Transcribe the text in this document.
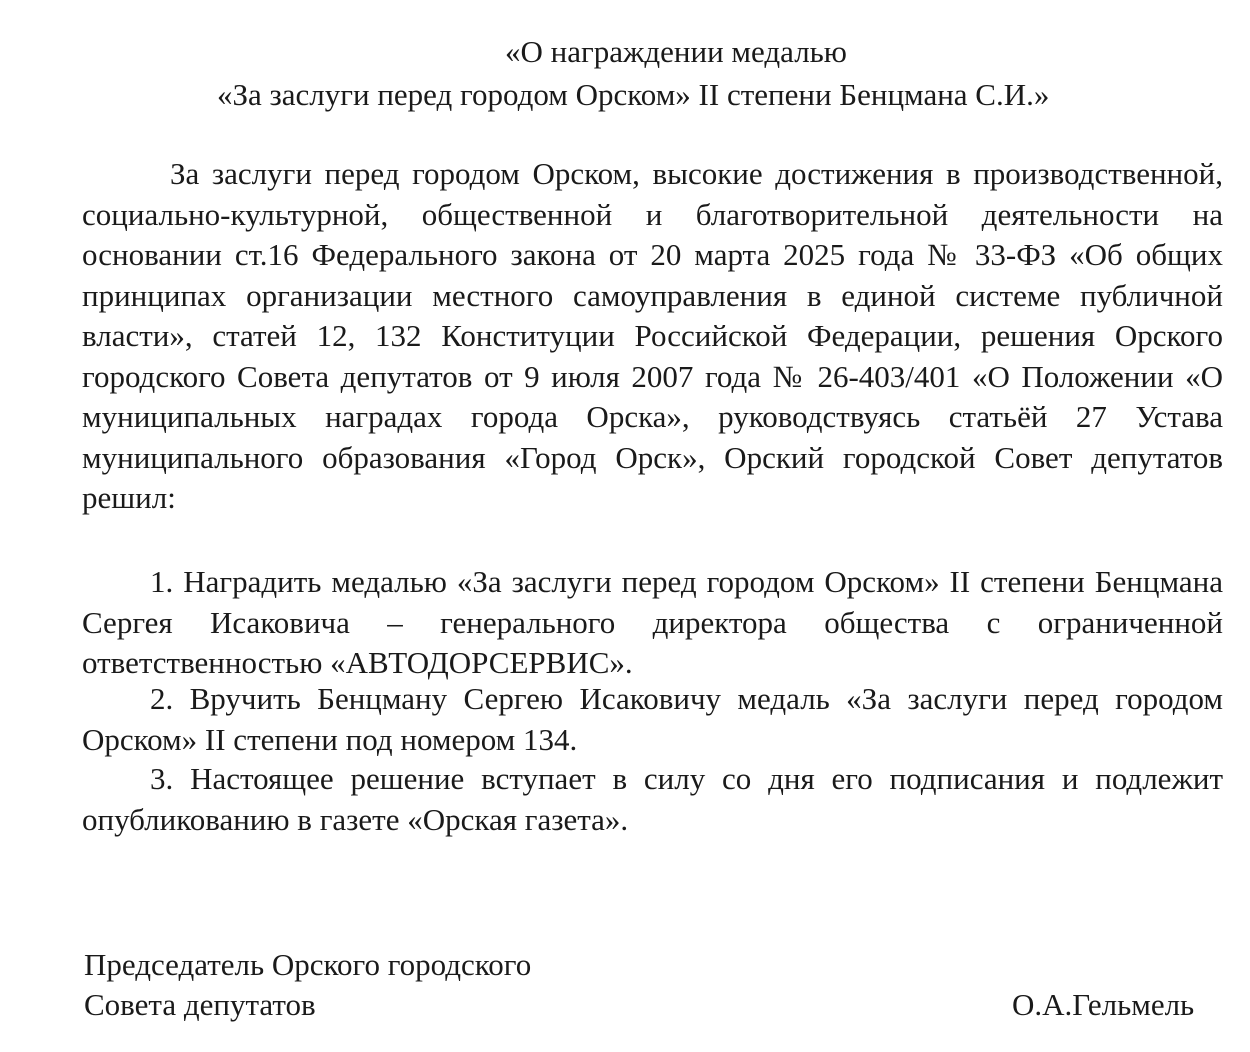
«О награждении медалью
«За заслуги перед городом Орском» II степени Бенцмана С.И.»

За заслуги перед городом Орском, высокие достижения в производственной, социально-культурной, общественной и благотворительной деятельности на основании ст.16 Федерального закона от 20 марта 2025 года № 33-ФЗ «Об общих принципах организации местного самоуправления в единой системе публичной власти», статей 12, 132 Конституции Российской Федерации, решения Орского городского Совета депутатов от 9 июля 2007 года № 26-403/401 «О Положении «О муниципальных наградах города Орска», руководствуясь статьёй 27 Устава муниципального образования «Город Орск», Орский городской Совет депутатов решил:

1. Наградить медалью «За заслуги перед городом Орском» II степени Бенцмана Сергея Исаковича – генерального директора общества с ограниченной ответственностью «АВТОДОРСЕРВИС».

2. Вручить Бенцману Сергею Исаковичу медаль «За заслуги перед городом Орском» II степени под номером 134.

3. Настоящее решение вступает в силу со дня его подписания и подлежит опубликованию в газете «Орская газета».

Председатель Орского городского
Совета депутатов	О.А.Гельмель
